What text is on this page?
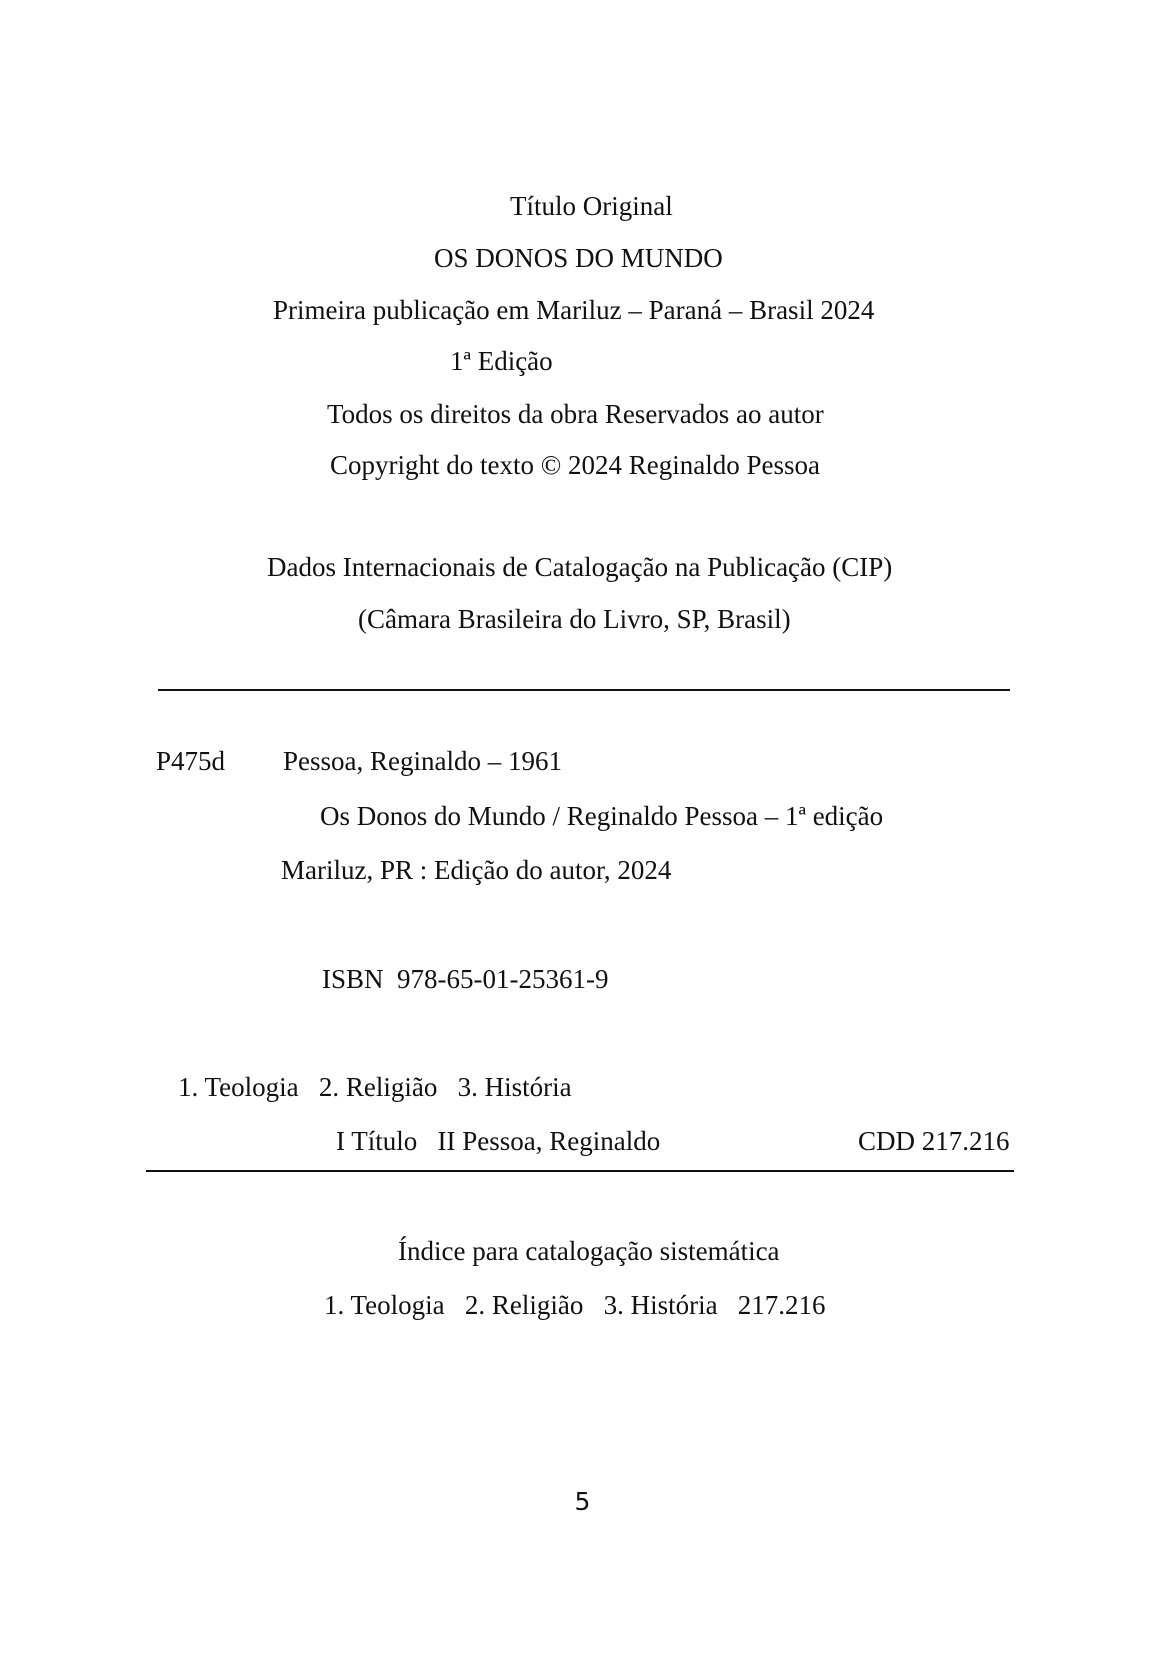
Título Original
OS DONOS DO MUNDO
Primeira publicação em Mariluz – Paraná – Brasil 2024
1ª Edição
Todos os direitos da obra Reservados ao autor
Copyright do texto © 2024 Reginaldo Pessoa
Dados Internacionais de Catalogação na Publicação (CIP)
(Câmara Brasileira do Livro, SP, Brasil)
P475d Pessoa, Reginaldo – 1961
Os Donos do Mundo / Reginaldo Pessoa – 1ª edição
Mariluz, PR : Edição do autor, 2024
ISBN  978-65-01-25361-9
1. Teologia   2. Religião   3. História
I Título   II Pessoa, Reginaldo	CDD 217.216
Índice para catalogação sistemática
1. Teologia   2. Religião   3. História   217.216
5
